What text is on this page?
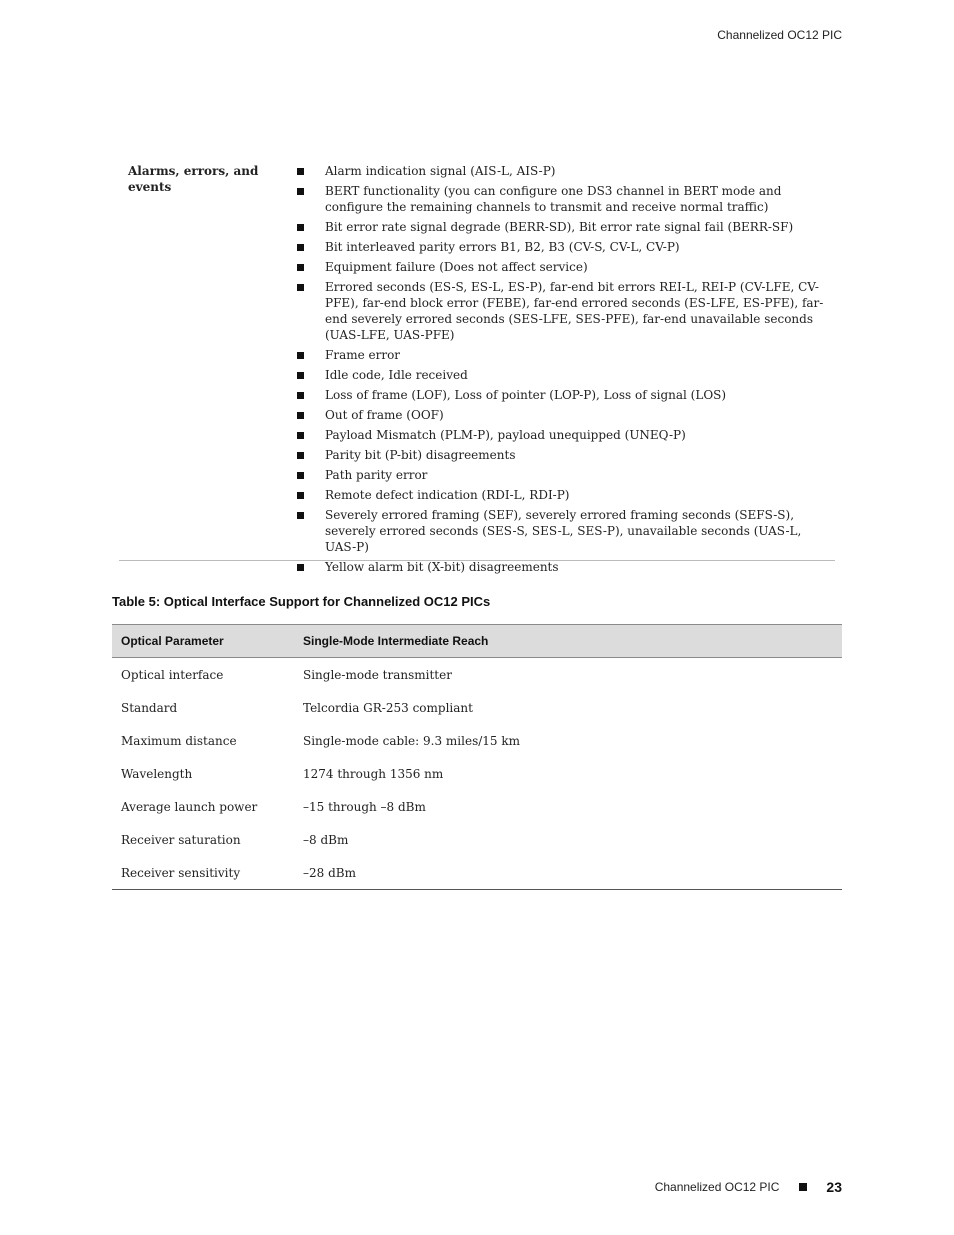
Channelized OC12 PIC
Alarms, errors, and events
Alarm indication signal (AIS-L, AIS-P)
BERT functionality (you can configure one DS3 channel in BERT mode and configure the remaining channels to transmit and receive normal traffic)
Bit error rate signal degrade (BERR-SD), Bit error rate signal fail (BERR-SF)
Bit interleaved parity errors B1, B2, B3 (CV-S, CV-L, CV-P)
Equipment failure (Does not affect service)
Errored seconds (ES-S, ES-L, ES-P), far-end bit errors REI-L, REI-P (CV-LFE, CV-PFE), far-end block error (FEBE), far-end errored seconds (ES-LFE, ES-PFE), far-end severely errored seconds (SES-LFE, SES-PFE), far-end unavailable seconds (UAS-LFE, UAS-PFE)
Frame error
Idle code, Idle received
Loss of frame (LOF), Loss of pointer (LOP-P), Loss of signal (LOS)
Out of frame (OOF)
Payload Mismatch (PLM-P), payload unequipped (UNEQ-P)
Parity bit (P-bit) disagreements
Path parity error
Remote defect indication (RDI-L, RDI-P)
Severely errored framing (SEF), severely errored framing seconds (SEFS-S), severely errored seconds (SES-S, SES-L, SES-P), unavailable seconds (UAS-L, UAS-P)
Yellow alarm bit (X-bit) disagreements
Table 5: Optical Interface Support for Channelized OC12 PICs
Optical Parameter	Single-Mode Intermediate Reach
Optical interface	Single-mode transmitter
Standard	Telcordia GR-253 compliant
Maximum distance	Single-mode cable: 9.3 miles/15 km
Wavelength	1274 through 1356 nm
Average launch power	–15 through –8 dBm
Receiver saturation	–8 dBm
Receiver sensitivity	–28 dBm
Channelized OC12 PIC	23
